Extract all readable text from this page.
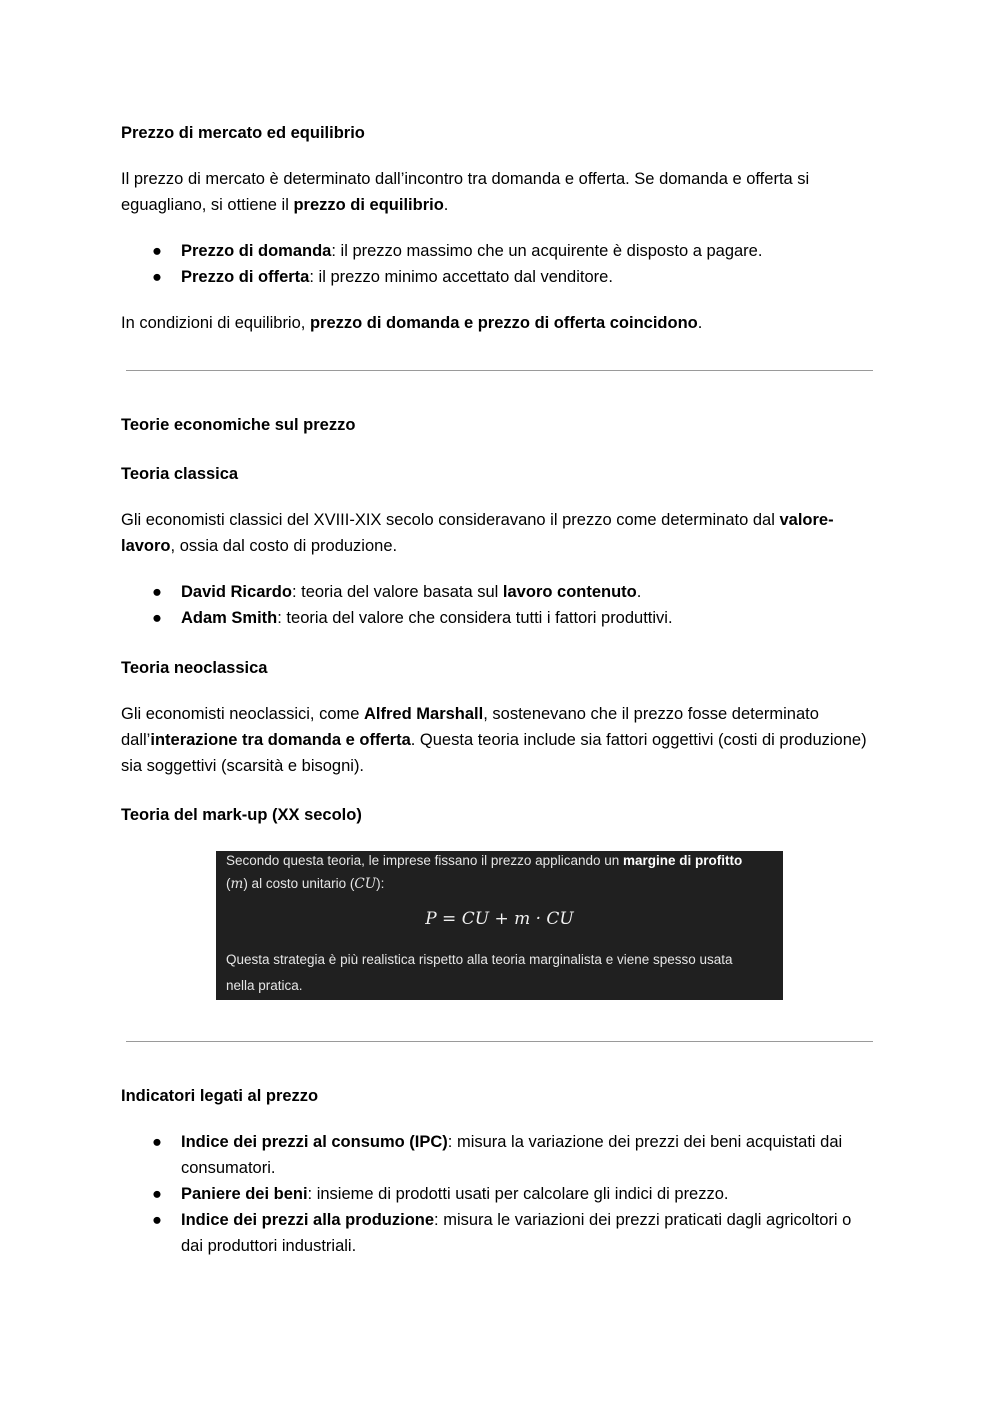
Prezzo di mercato ed equilibrio

Il prezzo di mercato è determinato dall’incontro tra domanda e offerta. Se domanda e offerta si eguagliano, si ottiene il prezzo di equilibrio.

● Prezzo di domanda: il prezzo massimo che un acquirente è disposto a pagare.
● Prezzo di offerta: il prezzo minimo accettato dal venditore.

In condizioni di equilibrio, prezzo di domanda e prezzo di offerta coincidono.

Teorie economiche sul prezzo

Teoria classica

Gli economisti classici del XVIII-XIX secolo consideravano il prezzo come determinato dal valore-lavoro, ossia dal costo di produzione.

● David Ricardo: teoria del valore basata sul lavoro contenuto.
● Adam Smith: teoria del valore che considera tutti i fattori produttivi.

Teoria neoclassica

Gli economisti neoclassici, come Alfred Marshall, sostenevano che il prezzo fosse determinato dall’interazione tra domanda e offerta. Questa teoria include sia fattori oggettivi (costi di produzione) sia soggettivi (scarsità e bisogni).

Teoria del mark-up (XX secolo)

Secondo questa teoria, le imprese fissano il prezzo applicando un margine di profitto
(m) al costo unitario (CU):
P = CU + m · CU
Questa strategia è più realistica rispetto alla teoria marginalista e viene spesso usata
nella pratica.

Indicatori legati al prezzo

● Indice dei prezzi al consumo (IPC): misura la variazione dei prezzi dei beni acquistati dai consumatori.
● Paniere dei beni: insieme di prodotti usati per calcolare gli indici di prezzo.
● Indice dei prezzi alla produzione: misura le variazioni dei prezzi praticati dagli agricoltori o dai produttori industriali.
